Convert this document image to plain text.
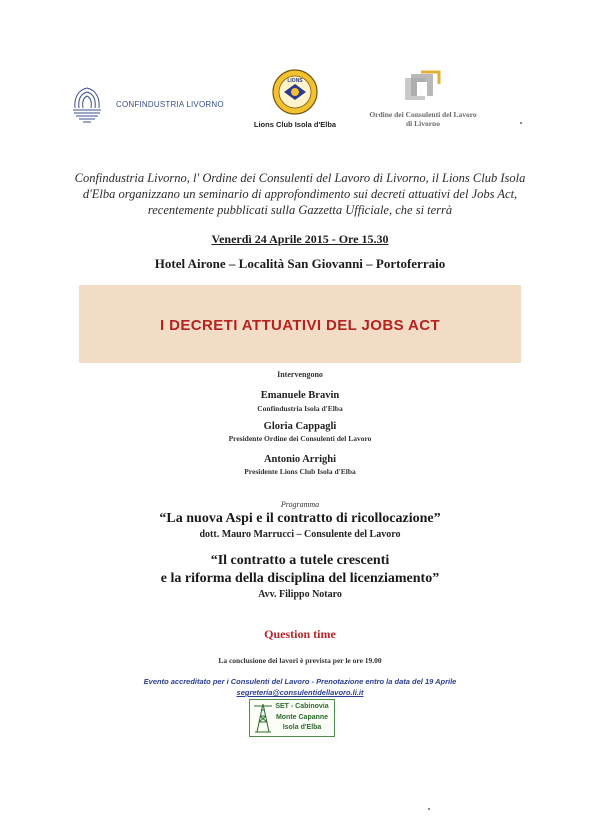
CONFINDUSTRIA LIVORNO
LIONS
Lions Club Isola d'Elba
Ordine dei Consulenti del Lavoro
di Livorno
Confindustria Livorno, l' Ordine dei Consulenti del Lavoro di Livorno, il Lions Club Isola d'Elba organizzano un seminario di approfondimento sui decreti attuativi del Jobs Act, recentemente pubblicati sulla Gazzetta Ufficiale, che si terrà
Venerdì 24 Aprile 2015 - Ore 15.30
Hotel Airone – Località San Giovanni – Portoferraio
I DECRETI ATTUATIVI DEL JOBS ACT
Intervengono
Emanuele Bravin
Confindustria Isola d'Elba
Gloria Cappagli
Presidente Ordine dei Consulenti del Lavoro
Antonio Arrighi
Presidente Lions Club Isola d'Elba
Programma
“La nuova Aspi e il contratto di ricollocazione”
dott. Mauro Marrucci – Consulente del Lavoro
“Il contratto a tutele crescenti
e la riforma della disciplina del licenziamento”
Avv. Filippo Notaro
Question time
La conclusione dei lavori è prevista per le ore 19.00
Evento accreditato per i Consulenti del Lavoro - Prenotazione entro la data del 19 Aprile
segreteria@consulentidellavoro.li.it
SET - Cabinovia
Monte Capanne
Isola d'Elba
